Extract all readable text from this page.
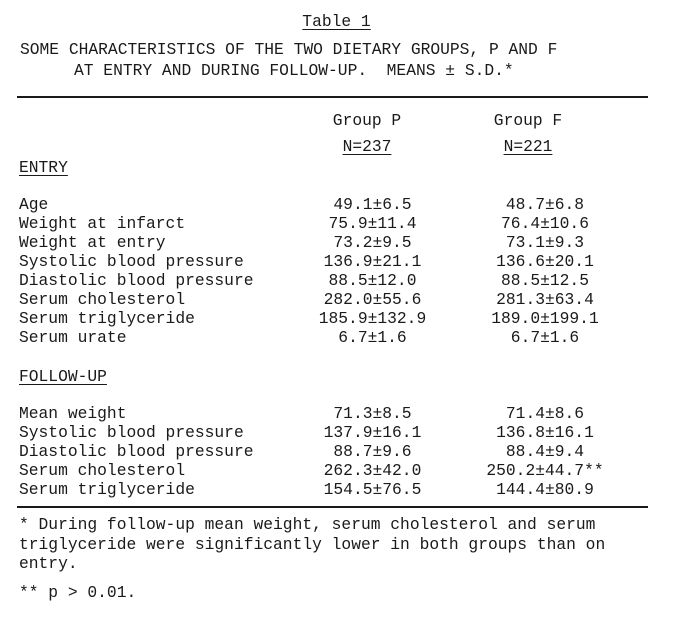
Table 1
SOME CHARACTERISTICS OF THE TWO DIETARY GROUPS, P AND F
AT ENTRY AND DURING FOLLOW-UP.  MEANS ± S.D.*
Group P	Group F
N=237	N=221
ENTRY
Age	49.1±6.5	48.7±6.8
Weight at infarct	75.9±11.4	76.4±10.6
Weight at entry	73.2±9.5	73.1±9.3
Systolic blood pressure	136.9±21.1	136.6±20.1
Diastolic blood pressure	88.5±12.0	88.5±12.5
Serum cholesterol	282.0±55.6	281.3±63.4
Serum triglyceride	185.9±132.9	189.0±199.1
Serum urate	6.7±1.6	6.7±1.6
FOLLOW-UP
Mean weight	71.3±8.5	71.4±8.6
Systolic blood pressure	137.9±16.1	136.8±16.1
Diastolic blood pressure	88.7±9.6	88.4±9.4
Serum cholesterol	262.3±42.0	250.2±44.7**
Serum triglyceride	154.5±76.5	144.4±80.9
* During follow-up mean weight, serum cholesterol and serum triglyceride were significantly lower in both groups than on entry.
** p > 0.01.
